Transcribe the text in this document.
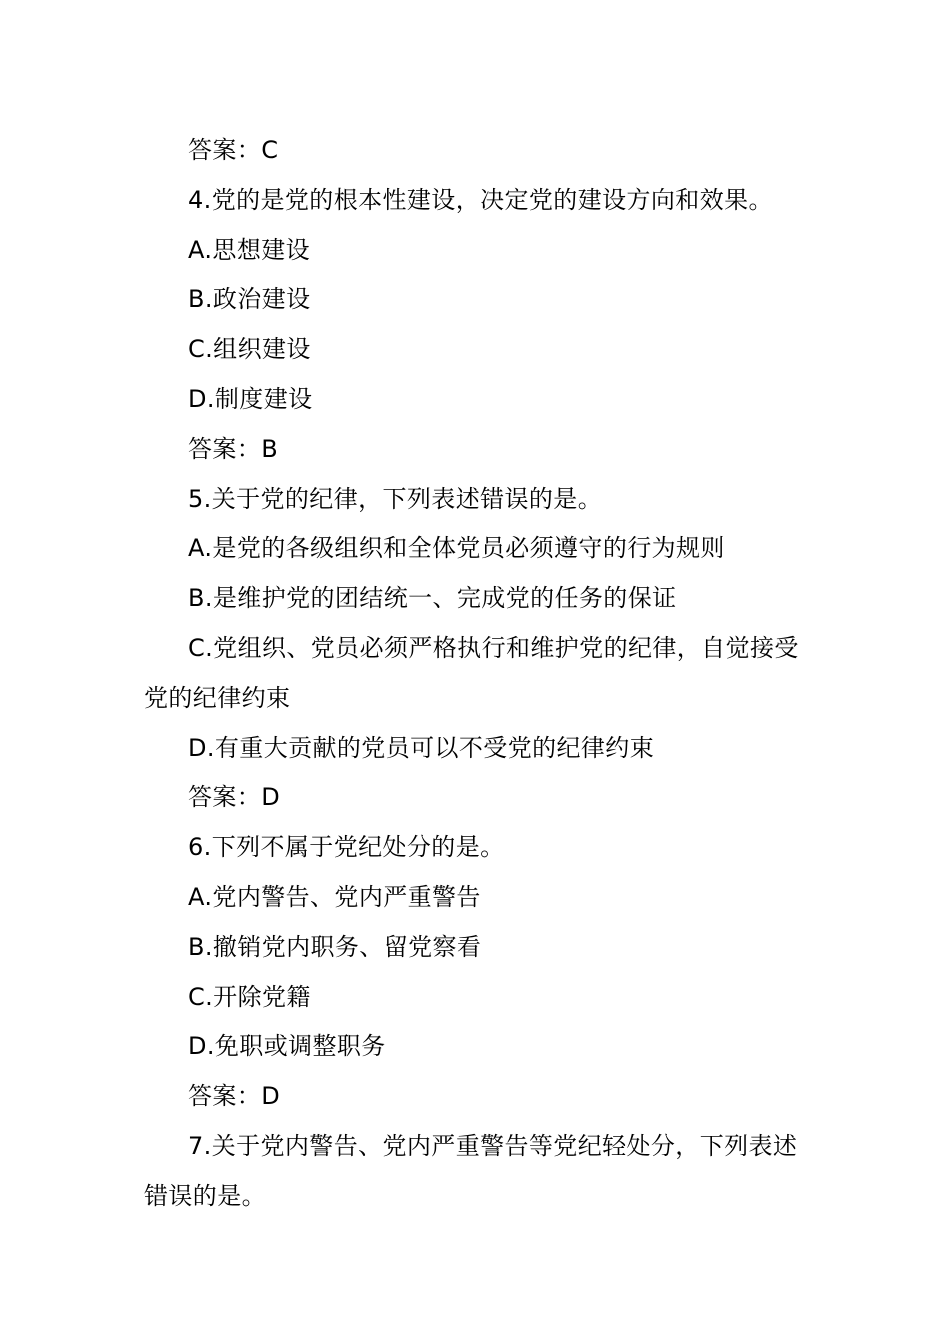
答案：C

4.党的是党的根本性建设，决定党的建设方向和效果。

A.思想建设

B.政治建设

C.组织建设

D.制度建设

答案：B

5.关于党的纪律，下列表述错误的是。

A.是党的各级组织和全体党员必须遵守的行为规则

B.是维护党的团结统一、完成党的任务的保证

C.党组织、党员必须严格执行和维护党的纪律，自觉接受党的纪律约束

D.有重大贡献的党员可以不受党的纪律约束

答案：D

6.下列不属于党纪处分的是。

A.党内警告、党内严重警告

B.撤销党内职务、留党察看

C.开除党籍

D.免职或调整职务

答案：D

7.关于党内警告、党内严重警告等党纪轻处分，下列表述错误的是。
